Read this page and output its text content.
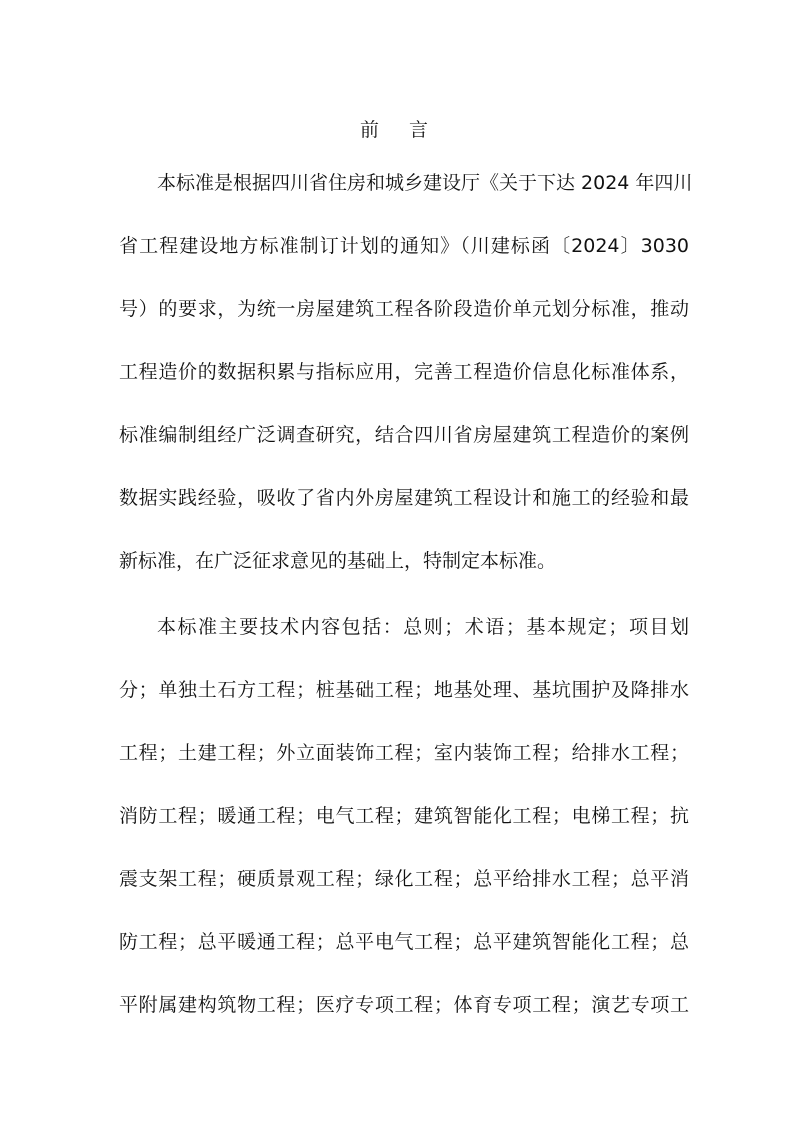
前 言
本标准是根据四川省住房和城乡建设厅《关于下达 2024 年四川
省工程建设地方标准制订计划的通知》（川建标函〔2024〕3030
号）的要求，为统一房屋建筑工程各阶段造价单元划分标准，推动
工程造价的数据积累与指标应用，完善工程造价信息化标准体系，
标准编制组经广泛调查研究，结合四川省房屋建筑工程造价的案例
数据实践经验，吸收了省内外房屋建筑工程设计和施工的经验和最
新标准，在广泛征求意见的基础上，特制定本标准。
本标准主要技术内容包括：总则；术语；基本规定；项目划
分；单独土石方工程；桩基础工程；地基处理、基坑围护及降排水
工程；土建工程；外立面装饰工程；室内装饰工程；给排水工程；
消防工程；暖通工程；电气工程；建筑智能化工程；电梯工程；抗
震支架工程；硬质景观工程；绿化工程；总平给排水工程；总平消
防工程；总平暖通工程；总平电气工程；总平建筑智能化工程；总
平附属建构筑物工程；医疗专项工程；体育专项工程；演艺专项工
